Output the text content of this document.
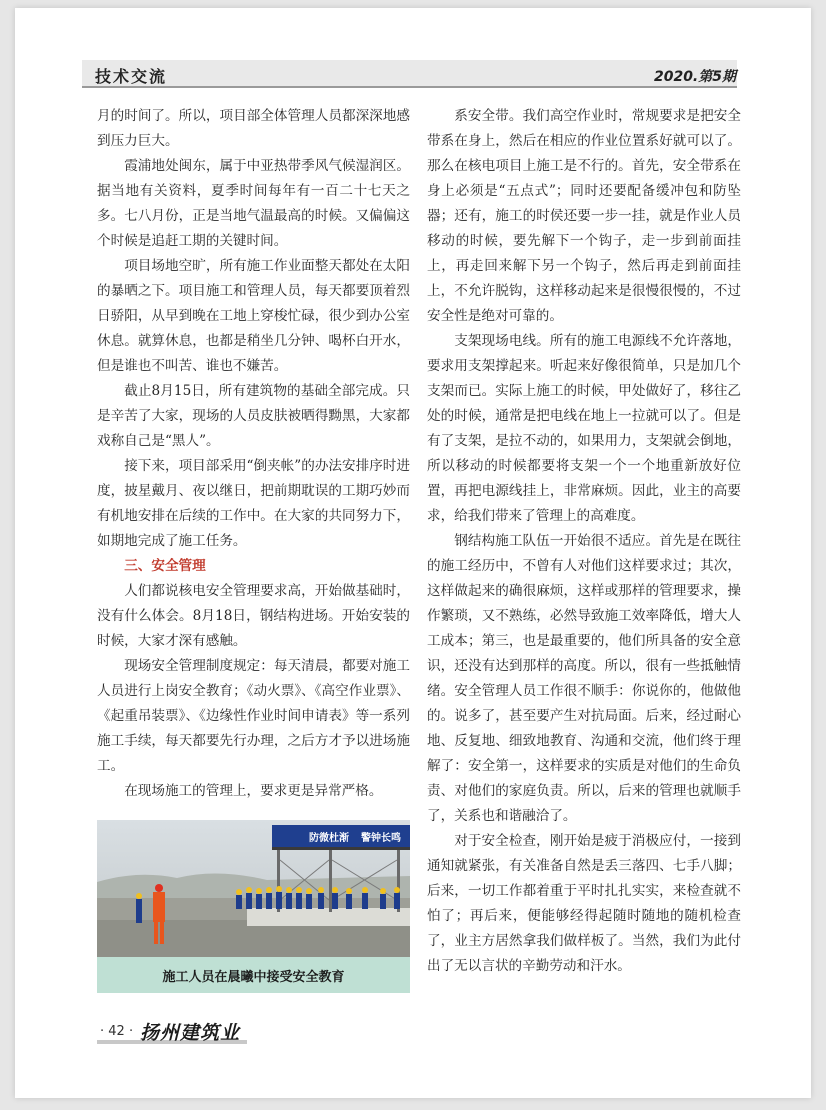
技术交流	2020.第5期

月的时间了。所以，项目部全体管理人员都深深地感到压力巨大。

霞浦地处闽东，属于中亚热带季风气候湿润区。据当地有关资料，夏季时间每年有一百二十七天之多。七八月份，正是当地气温最高的时候。又偏偏这个时候是追赶工期的关键时间。

项目场地空旷，所有施工作业面整天都处在太阳的暴晒之下。项目施工和管理人员，每天都要顶着烈日骄阳，从早到晚在工地上穿梭忙碌，很少到办公室休息。就算休息，也都是稍坐几分钟、喝杯白开水，但是谁也不叫苦、谁也不嫌苦。

截止8月15日，所有建筑物的基础全部完成。只是辛苦了大家，现场的人员皮肤被晒得黝黑，大家都戏称自己是“黑人”。

接下来，项目部采用“倒夹帐”的办法安排序时进度，披星戴月、夜以继日，把前期耽误的工期巧妙而有机地安排在后续的工作中。在大家的共同努力下，如期地完成了施工任务。

三、安全管理

人们都说核电安全管理要求高，开始做基础时，没有什么体会。8月18日，钢结构进场。开始安装的时候，大家才深有感触。

现场安全管理制度规定：每天清晨，都要对施工人员进行上岗安全教育；《动火票》、《高空作业票》、《起重吊装票》、《边缘性作业时间申请表》等一系列施工手续，每天都要先行办理，之后方才予以进场施工。

在现场施工的管理上，要求更是异常严格。

系安全带。我们高空作业时，常规要求是把安全带系在身上，然后在相应的作业位置系好就可以了。那么在核电项目上施工是不行的。首先，安全带系在身上必须是“五点式”；同时还要配备缓冲包和防坠器；还有，施工的时侯还要一步一挂，就是作业人员移动的时候，要先解下一个钩子，走一步到前面挂上，再走回来解下另一个钩子，然后再走到前面挂上，不允许脱钩，这样移动起来是很慢很慢的，不过安全性是绝对可靠的。

支架现场电线。所有的施工电源线不允许落地，要求用支架撑起来。听起来好像很简单，只是加几个支架而已。实际上施工的时候，甲处做好了，移往乙处的时候，通常是把电线在地上一拉就可以了。但是有了支架，是拉不动的，如果用力，支架就会倒地，所以移动的时候都要将支架一个一个地重新放好位置，再把电源线挂上，非常麻烦。因此，业主的高要求，给我们带来了管理上的高难度。

钢结构施工队伍一开始很不适应。首先是在既往的施工经历中，不曾有人对他们这样要求过；其次，这样做起来的确很麻烦，这样或那样的管理要求，操作繁琐，又不熟练，必然导致施工效率降低，增大人工成本；第三，也是最重要的，他们所具备的安全意识，还没有达到那样的高度。所以，很有一些抵触情绪。安全管理人员工作很不顺手：你说你的，他做他的。说多了，甚至要产生对抗局面。后来，经过耐心地、反复地、细致地教育、沟通和交流，他们终于理解了：安全第一，这样要求的实质是对他们的生命负责、对他们的家庭负责。所以，后来的管理也就顺手了，关系也和谐融洽了。

对于安全检查，刚开始是疲于消极应付，一接到通知就紧张，有关准备自然是丢三落四、七手八脚；后来，一切工作都着重于平时扎扎实实，来检查就不怕了；再后来，便能够经得起随时随地的随机检查了，业主方居然拿我们做样板了。当然，我们为此付出了无以言状的辛勤劳动和汗水。

防微杜渐 警钟长鸣
施工人员在晨曦中接受安全教育
· 42 · 扬州建筑业
